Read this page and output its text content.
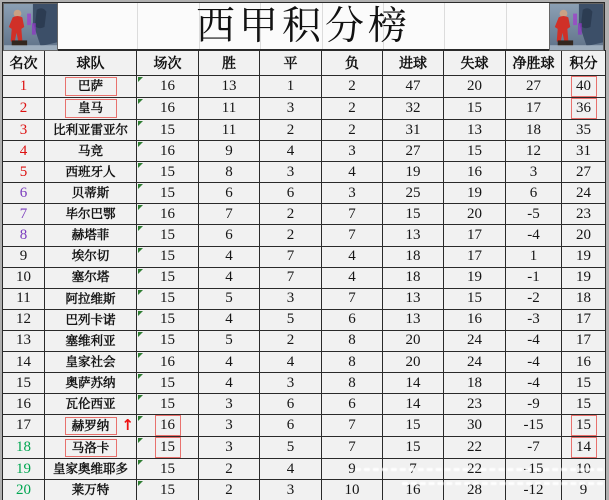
西甲积分榜
名次	球队	场次	胜	平	负	进球	失球	净胜球	积分
1	巴萨	16	13	1	2	47	20	27	40
2	皇马	16	11	3	2	32	15	17	36
3	比利亚雷亚尔	15	11	2	2	31	13	18	35
4	马竞	16	9	4	3	27	15	12	31
5	西班牙人	15	8	3	4	19	16	3	27
6	贝蒂斯	15	6	6	3	25	19	6	24
7	毕尔巴鄂	16	7	2	7	15	20	-5	23
8	赫塔菲	15	6	2	7	13	17	-4	20
9	埃尔切	15	4	7	4	18	17	1	19
10	塞尔塔	15	4	7	4	18	19	-1	19
11	阿拉维斯	15	5	3	7	13	15	-2	18
12	巴列卡诺	15	4	5	6	13	16	-3	17
13	塞维利亚	15	5	2	8	20	24	-4	17
14	皇家社会	16	4	4	8	20	24	-4	16
15	奥萨苏纳	15	4	3	8	14	18	-4	15
16	瓦伦西亚	15	3	6	6	14	23	-9	15
17	赫罗纳 ↑	16	3	6	7	15	30	-15	15
18	马洛卡	15	3	5	7	15	22	-7	14
19	皇家奥维耶多	15	2	4	9	7	22	-15	10
20	莱万特	15	2	3	10	16	28	-12	9
